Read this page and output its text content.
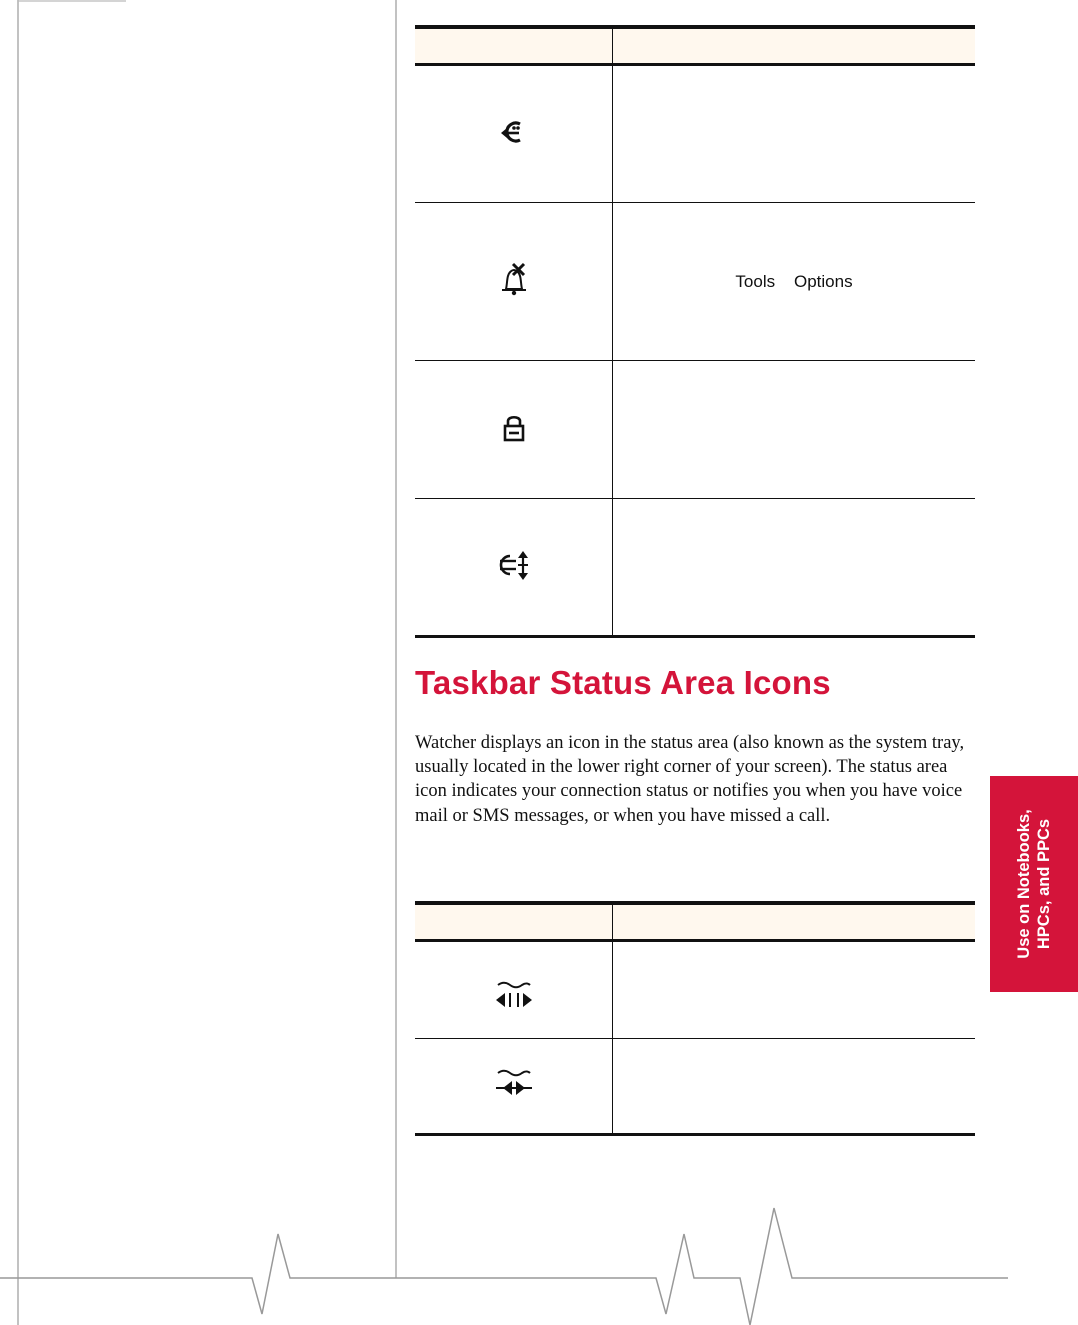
	Tools Options

Taskbar Status Area Icons

Watcher displays an icon in the status area (also known as the system tray, usually located in the lower right corner of your screen). The status area icon indicates your connection status or notifies you when you have voice mail or SMS messages, or when you have missed a call.

		Use on Notebooks, HPCs, and PPCs
